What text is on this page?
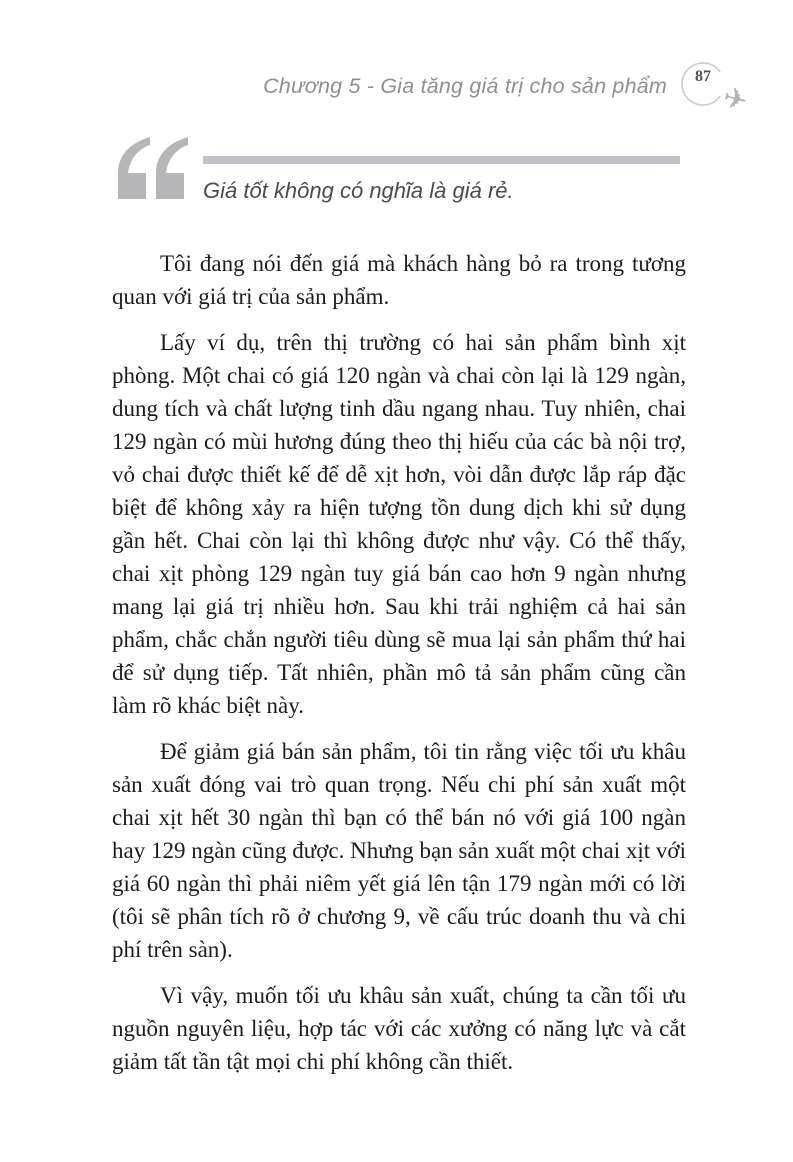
Chương 5 - Gia tăng giá trị cho sản phẩm	87
✈
Giá tốt không có nghĩa là giá rẻ.

Tôi đang nói đến giá mà khách hàng bỏ ra trong tương quan với giá trị của sản phẩm.

Lấy ví dụ, trên thị trường có hai sản phẩm bình xịt phòng. Một chai có giá 120 ngàn và chai còn lại là 129 ngàn, dung tích và chất lượng tinh dầu ngang nhau. Tuy nhiên, chai 129 ngàn có mùi hương đúng theo thị hiếu của các bà nội trợ, vỏ chai được thiết kế để dễ xịt hơn, vòi dẫn được lắp ráp đặc biệt để không xảy ra hiện tượng tồn dung dịch khi sử dụng gần hết. Chai còn lại thì không được như vậy. Có thể thấy, chai xịt phòng 129 ngàn tuy giá bán cao hơn 9 ngàn nhưng mang lại giá trị nhiều hơn. Sau khi trải nghiệm cả hai sản phẩm, chắc chắn người tiêu dùng sẽ mua lại sản phẩm thứ hai để sử dụng tiếp. Tất nhiên, phần mô tả sản phẩm cũng cần làm rõ khác biệt này.

Để giảm giá bán sản phẩm, tôi tin rằng việc tối ưu khâu sản xuất đóng vai trò quan trọng. Nếu chi phí sản xuất một chai xịt hết 30 ngàn thì bạn có thể bán nó với giá 100 ngàn hay 129 ngàn cũng được. Nhưng bạn sản xuất một chai xịt với giá 60 ngàn thì phải niêm yết giá lên tận 179 ngàn mới có lời (tôi sẽ phân tích rõ ở chương 9, về cấu trúc doanh thu và chi phí trên sàn).

Vì vậy, muốn tối ưu khâu sản xuất, chúng ta cần tối ưu nguồn nguyên liệu, hợp tác với các xưởng có năng lực và cắt giảm tất tần tật mọi chi phí không cần thiết.
